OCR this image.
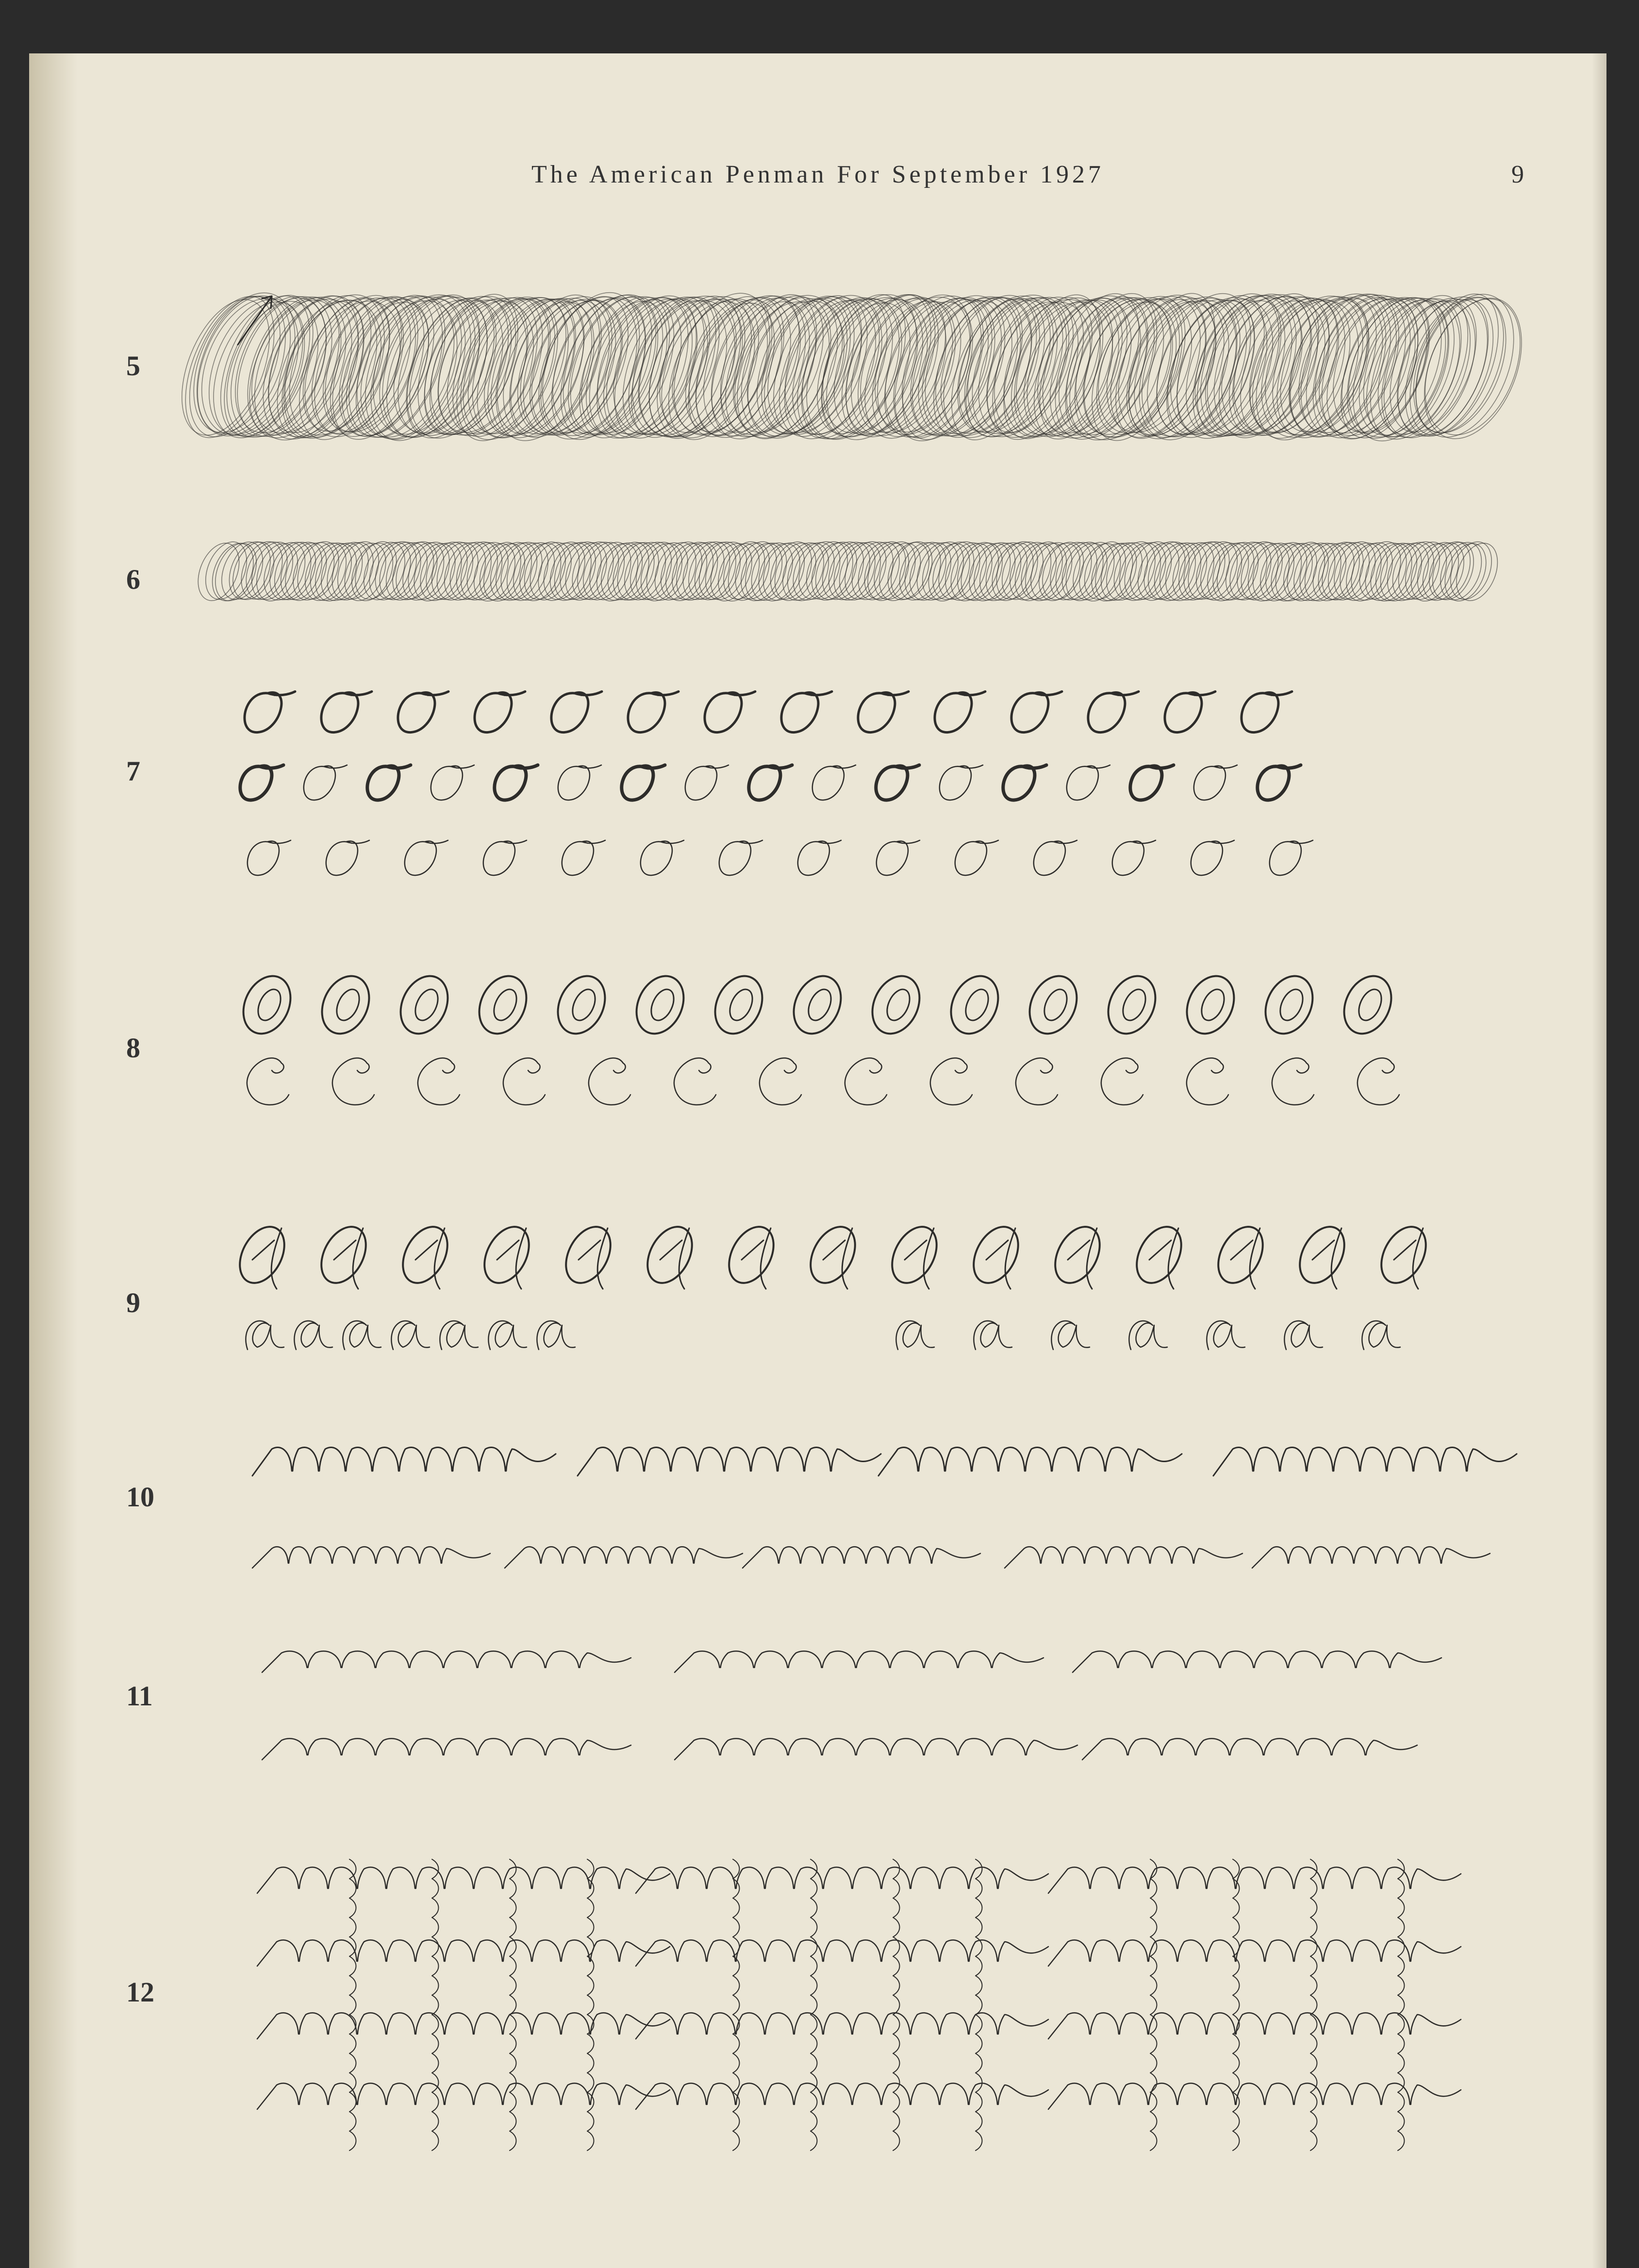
The American Penman For September 1927	9
5
6
7
8
9
10
11
12
